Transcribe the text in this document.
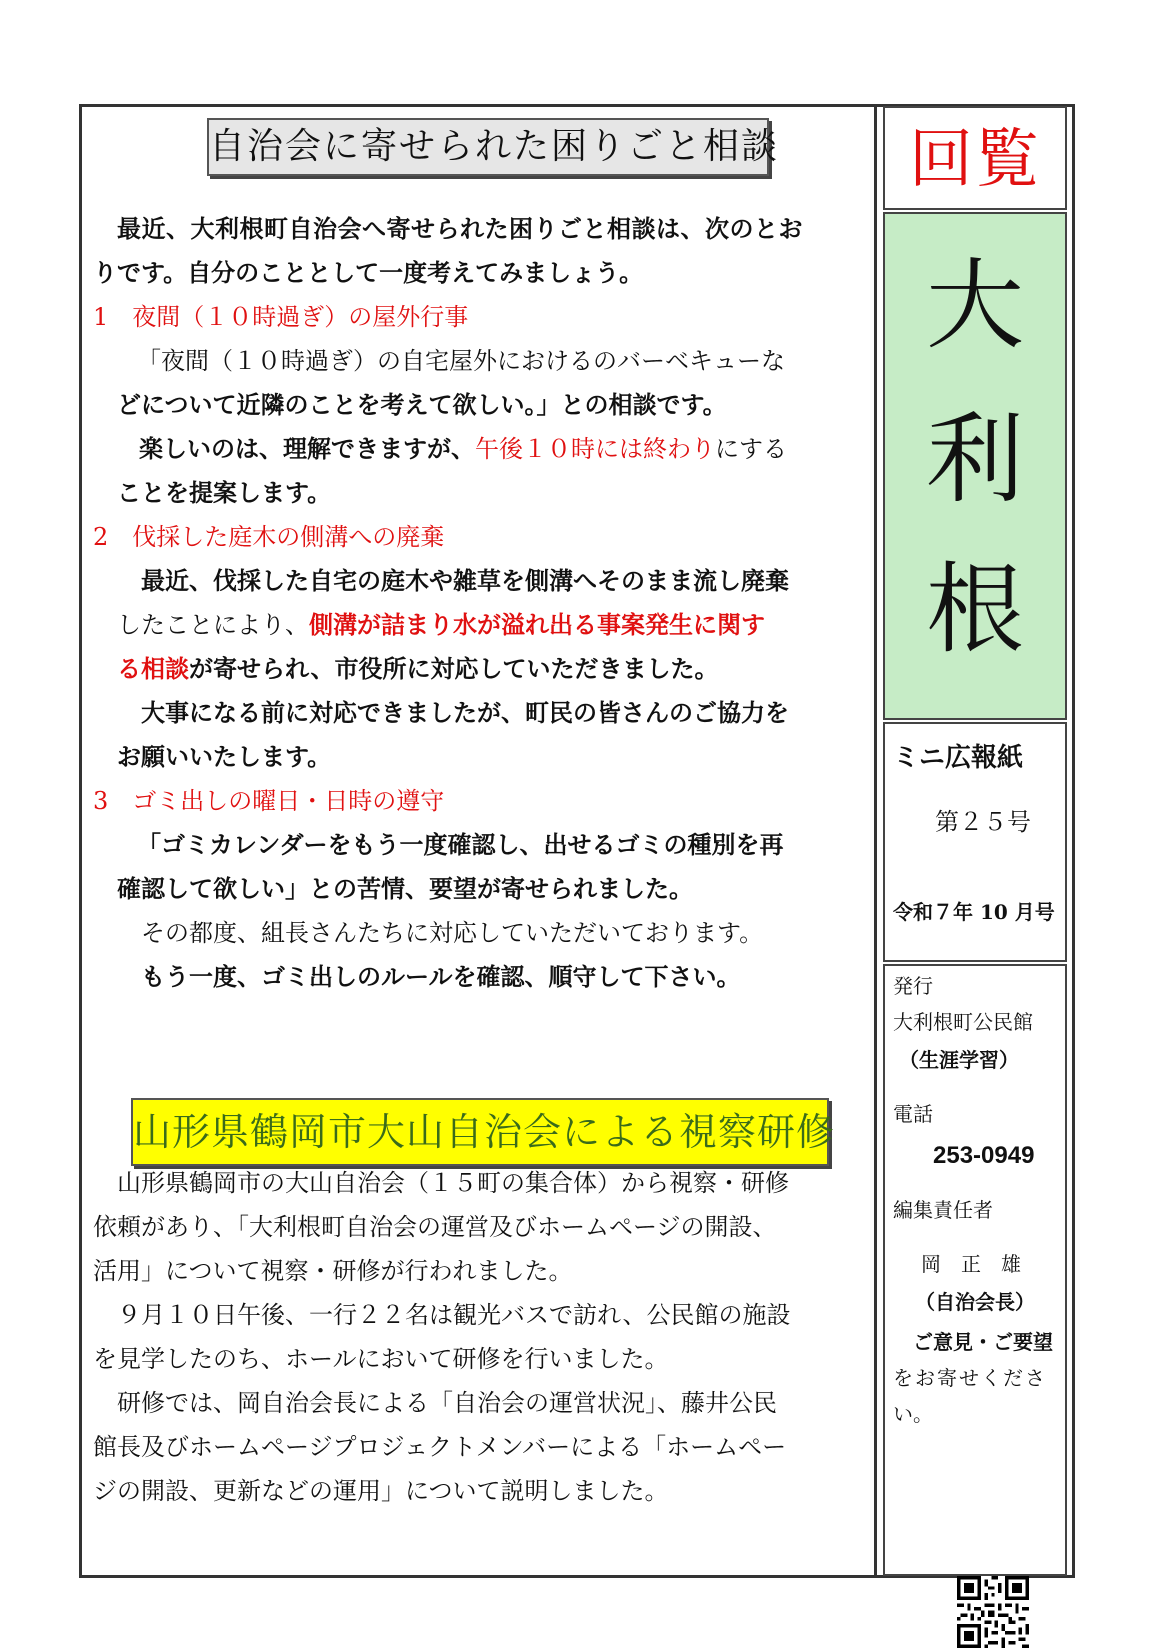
自治会に寄せられた困りごと相談
最近、大利根町自治会へ寄せられた困りごと相談は、次のとお
りです。自分のこととして一度考えてみましょう。
1　夜間（１０時過ぎ）の屋外行事
「夜間（１０時過ぎ）の自宅屋外におけるのバーベキューな
どについて近隣のことを考えて欲しい。」との相談です。
楽しいのは、理解できますが、午後１０時には終わりにする
ことを提案します。
2　伐採した庭木の側溝への廃棄
最近、伐採した自宅の庭木や雑草を側溝へそのまま流し廃棄
したことにより、側溝が詰まり水が溢れ出る事案発生に関す
る相談が寄せられ、市役所に対応していただきました。
大事になる前に対応できましたが、町民の皆さんのご協力を
お願いいたします。
3　ゴミ出しの曜日・日時の遵守
「ゴミカレンダーをもう一度確認し、出せるゴミの種別を再
確認して欲しい」との苦情、要望が寄せられました。
その都度、組長さんたちに対応していただいております。
もう一度、ゴミ出しのルールを確認、順守して下さい。
山形県鶴岡市大山自治会による視察研修
山形県鶴岡市の大山自治会（１５町の集合体）から視察・研修
依頼があり、「大利根町自治会の運営及びホームページの開設、
活用」について視察・研修が行われました。
９月１０日午後、一行２２名は観光バスで訪れ、公民館の施設
を見学したのち、ホールにおいて研修を行いました。
研修では、岡自治会長による「自治会の運営状況」、藤井公民
館長及びホームページプロジェクトメンバーによる「ホームペー
ジの開設、更新などの運用」について説明しました。
回覧
大
利
根
ミニ広報紙
第２５号
令和７年 10 月号
発行
大利根町公民館
（生涯学習）
電話
253-0949
編集責任者
岡　正　雄
（自治会長）
ご意見・ご要望
をお寄せくださ
い。
